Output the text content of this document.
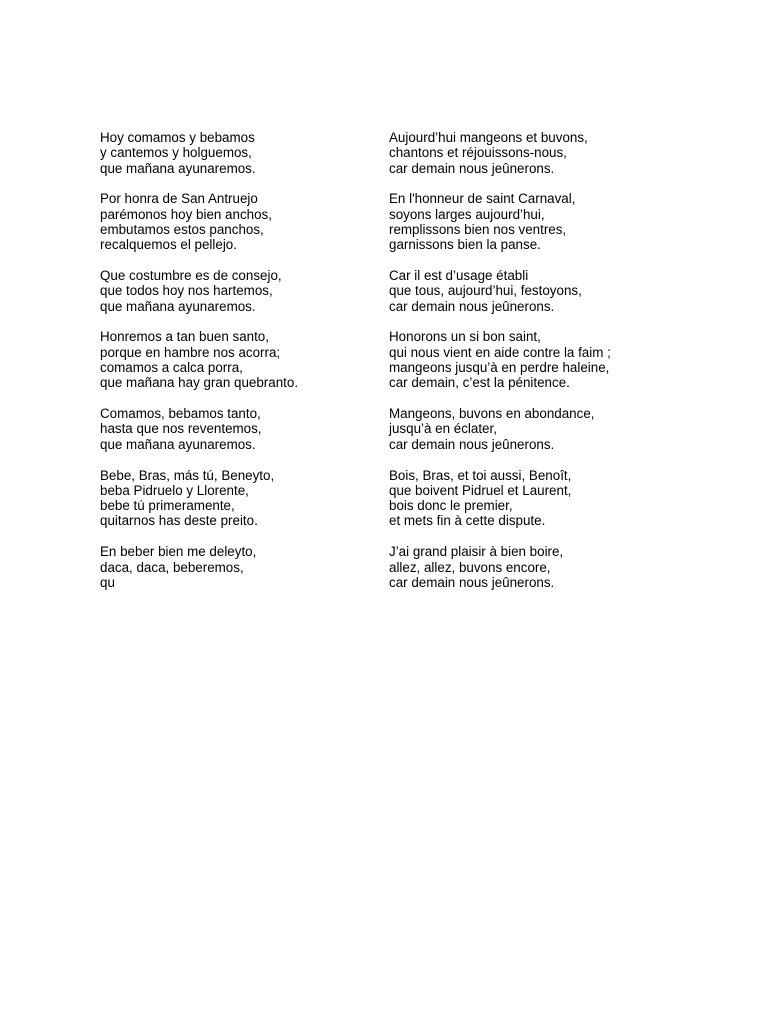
Hoy comamos y bebamos
y cantemos y holguemos,
que mañana ayunaremos.
Por honra de San Antruejo
parémonos hoy bien anchos,
embutamos estos panchos,
recalquemos el pellejo.
Que costumbre es de consejo,
que todos hoy nos hartemos,
que mañana ayunaremos.
Honremos a tan buen santo,
porque en hambre nos acorra;
comamos a calca porra,
que mañana hay gran quebranto.
Comamos, bebamos tanto,
hasta que nos reventemos,
que mañana ayunaremos.
Bebe, Bras, más tú, Beneyto,
beba Pidruelo y Llorente,
bebe tú primeramente,
quitarnos has deste preito.
En beber bien me deleyto,
daca, daca, beberemos,
qu
Aujourd’hui mangeons et buvons,
chantons et réjouissons-nous,
car demain nous jeûnerons.
En l'honneur de saint Carnaval,
soyons larges aujourd’hui,
remplissons bien nos ventres,
garnissons bien la panse.
Car il est d’usage établi
que tous, aujourd’hui, festoyons,
car demain nous jeûnerons.
Honorons un si bon saint,
qui nous vient en aide contre la faim ;
mangeons jusqu’à en perdre haleine,
car demain, c’est la pénitence.
Mangeons, buvons en abondance,
jusqu’à en éclater,
car demain nous jeûnerons.
Bois, Bras, et toi aussi, Benoît,
que boivent Pidruel et Laurent,
bois donc le premier,
et mets fin à cette dispute.
J’ai grand plaisir à bien boire,
allez, allez, buvons encore,
car demain nous jeûnerons.
